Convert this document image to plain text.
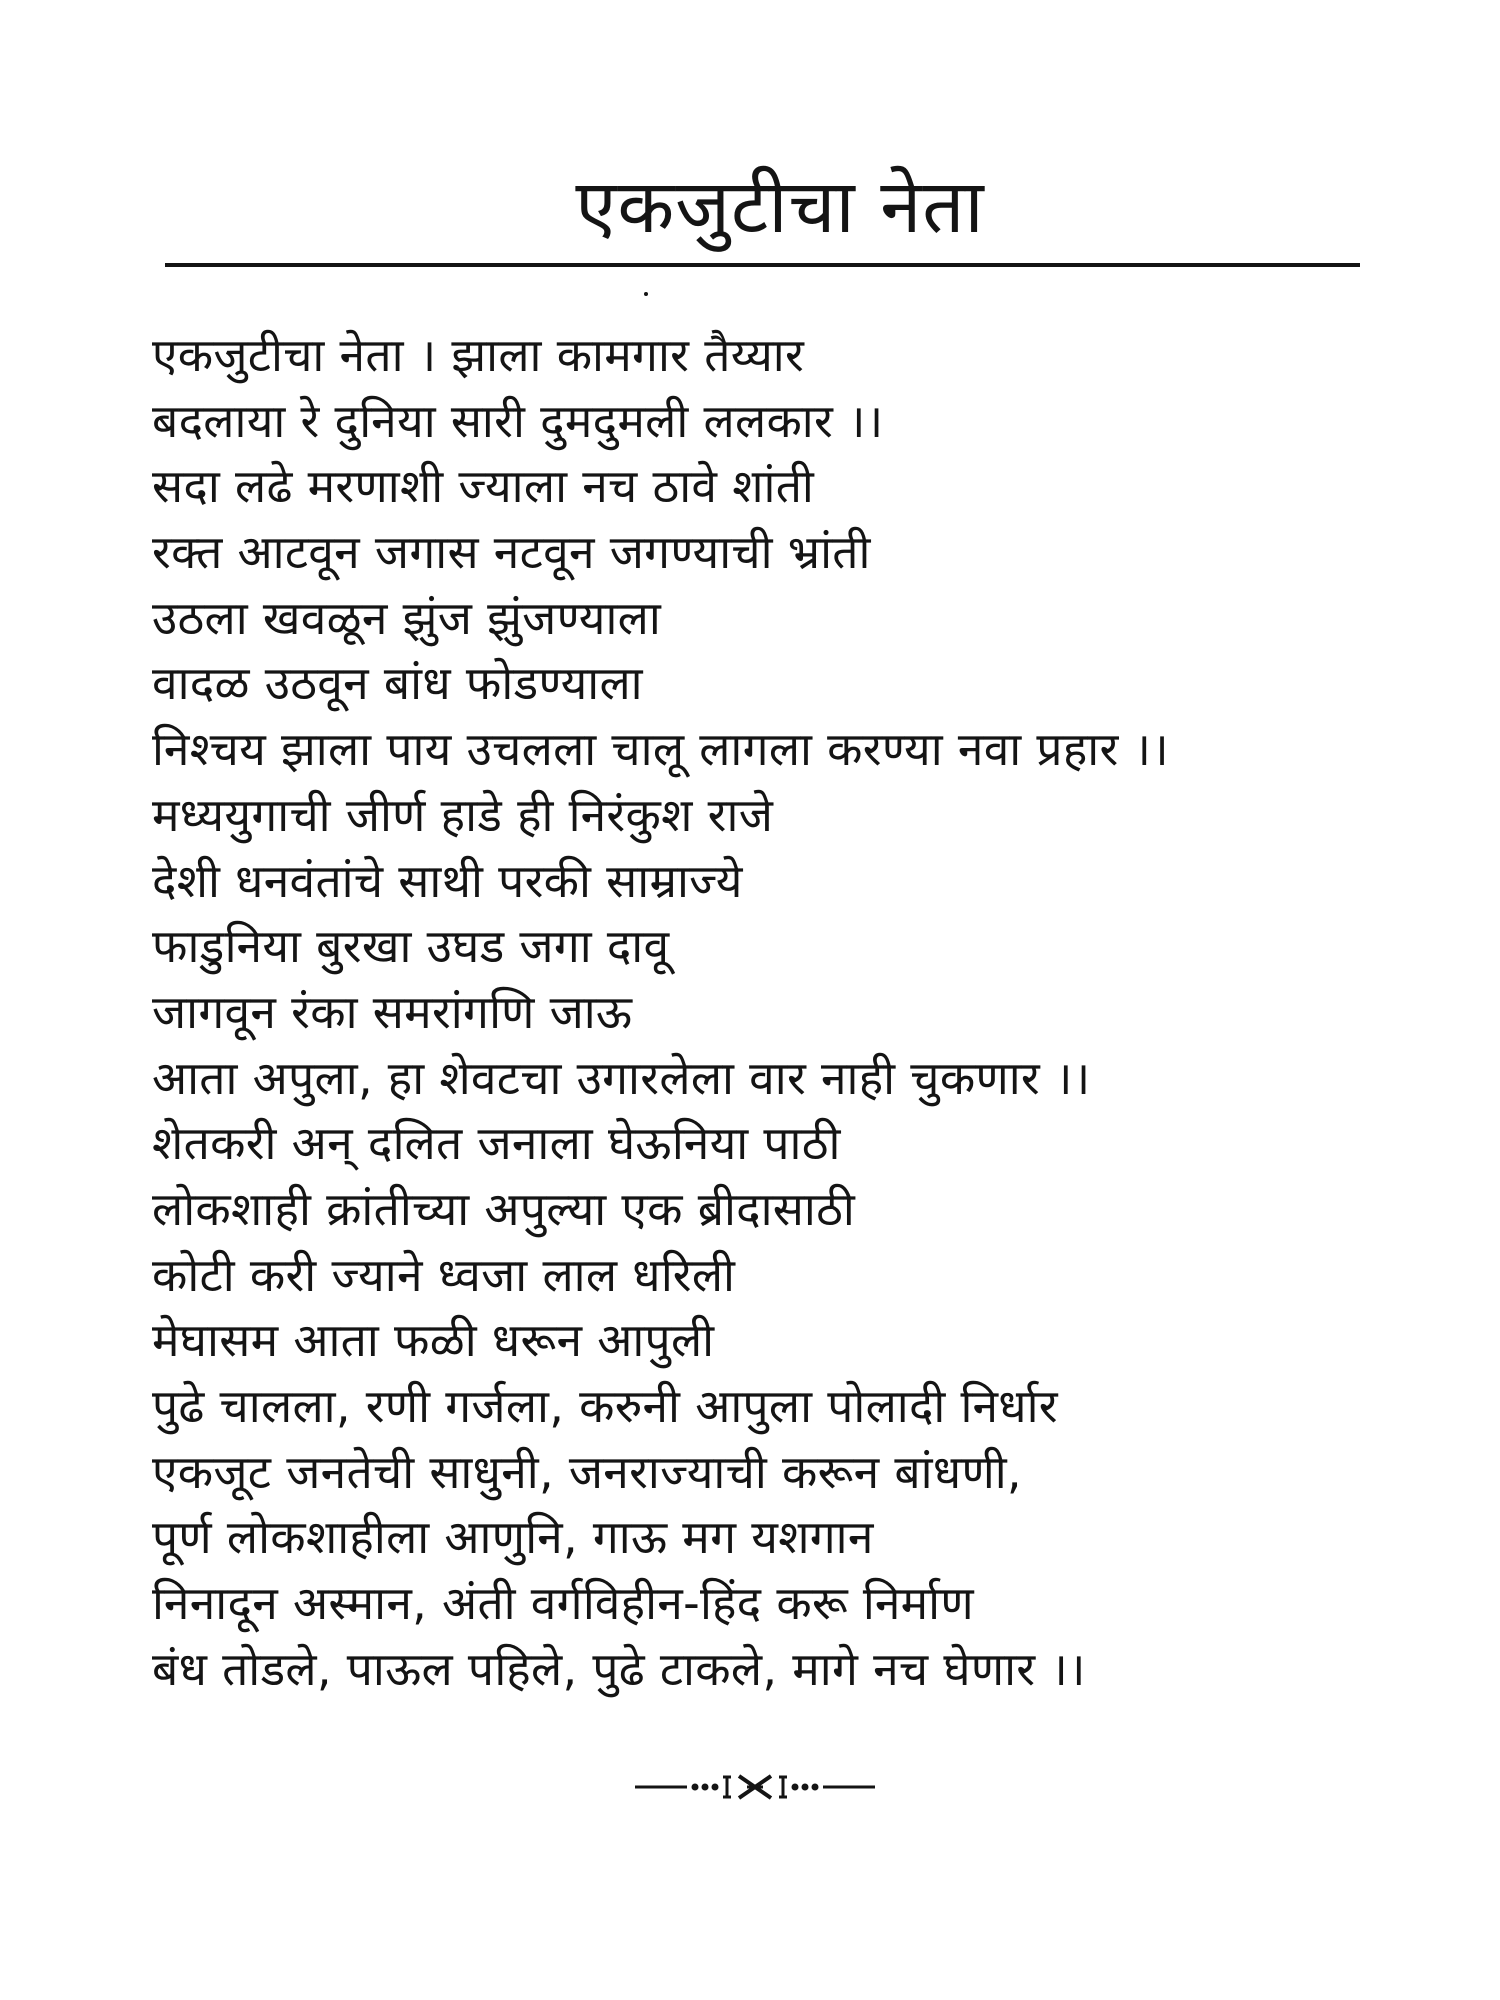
एकजुटीचा नेता
एकजुटीचा नेता । झाला कामगार तैय्यार
बदलाया रे दुनिया सारी दुमदुमली ललकार ।।
सदा लढे मरणाशी ज्याला नच ठावे शांती
रक्त आटवून जगास नटवून जगण्याची भ्रांती
उठला खवळून झुंज झुंजण्याला
वादळ उठवून बांध फोडण्याला
निश्चय झाला पाय उचलला चालू लागला करण्या नवा प्रहार ।।
मध्ययुगाची जीर्ण हाडे ही निरंकुश राजे
देशी धनवंतांचे साथी परकी साम्राज्ये
फाडुनिया बुरखा उघड जगा दावू
जागवून रंका समरांगणि जाऊ
आता अपुला, हा शेवटचा उगारलेला वार नाही चुकणार ।।
शेतकरी अन् दलित जनाला घेऊनिया पाठी
लोकशाही क्रांतीच्या अपुल्या एक ब्रीदासाठी
कोटी करी ज्याने ध्वजा लाल धरिली
मेघासम आता फळी धरून आपुली
पुढे चालला, रणी गर्जला, करुनी आपुला पोलादी निर्धार
एकजूट जनतेची साधुनी, जनराज्याची करून बांधणी,
पूर्ण लोकशाहीला आणुनि, गाऊ मग यशगान
निनादून अस्मान, अंती वर्गविहीन-हिंद करू निर्माण
बंध तोडले, पाऊल पहिले, पुढे टाकले, मागे नच घेणार ।।
